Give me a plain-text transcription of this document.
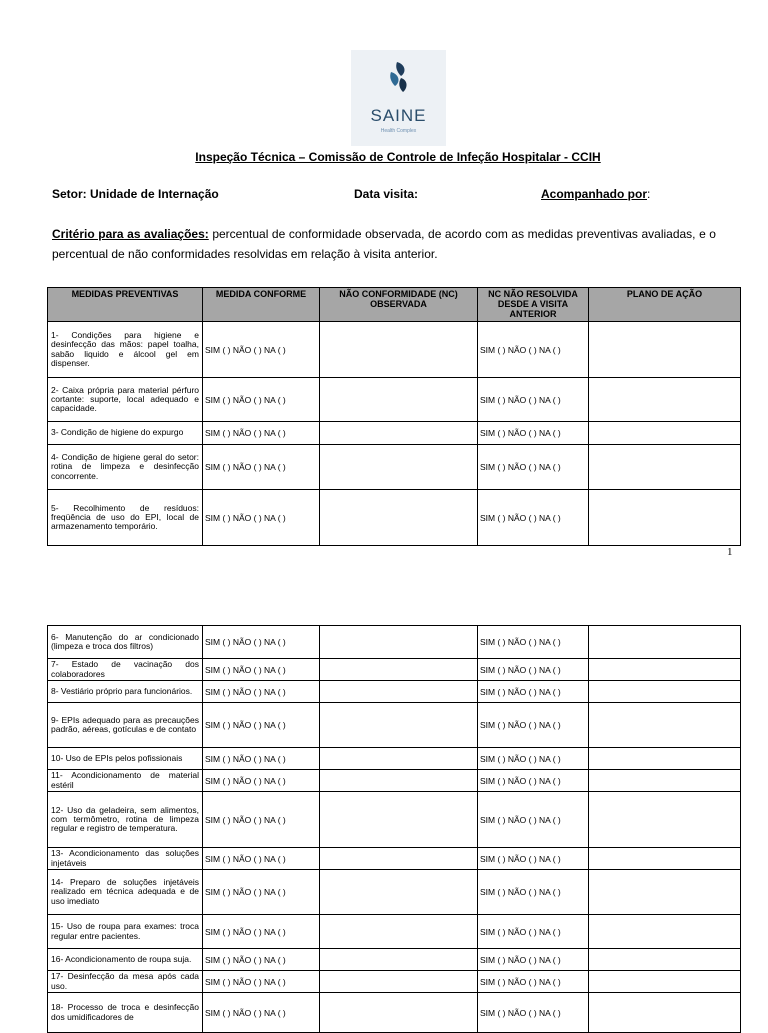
SAINE
Health Complex
Inspeção Técnica – Comissão de Controle de Infeção Hospitalar - CCIH
Setor: Unidade de Internação	Data visita:	Acompanhado por:
Critério para as avaliações: percentual de conformidade observada, de acordo com as medidas preventivas avaliadas, e o percentual de não conformidades resolvidas em relação à visita anterior.
MEDIDAS PREVENTIVAS	MEDIDA CONFORME	NÃO CONFORMIDADE (NC) OBSERVADA	NC NÃO RESOLVIDA DESDE A VISITA ANTERIOR	PLANO DE AÇÃO
1- Condições para higiene e desinfecção das mãos: papel toalha, sabão liquido e álcool gel em dispenser.	SIM ( ) NÃO ( ) NA ( )		SIM ( ) NÃO ( ) NA ( )	
2- Caixa própria para material pérfuro cortante: suporte, local adequado e capacidade.	SIM ( ) NÃO ( ) NA ( )		SIM ( ) NÃO ( ) NA ( )	
3- Condição de higiene do expurgo	SIM ( ) NÃO ( ) NA ( )		SIM ( ) NÃO ( ) NA ( )	
4- Condição de higiene geral do setor: rotina de limpeza e desinfecção concorrente.	SIM ( ) NÃO ( ) NA ( )		SIM ( ) NÃO ( ) NA ( )	
5- Recolhimento de resíduos: freqüência de uso do EPI, local de armazenamento temporário.	SIM ( ) NÃO ( ) NA ( )		SIM ( ) NÃO ( ) NA ( )	
1
6- Manutenção do ar condicionado (limpeza e troca dos filtros)	SIM ( ) NÃO ( ) NA ( )		SIM ( ) NÃO ( ) NA ( )	
7- Estado de vacinação dos colaboradores	SIM ( ) NÃO ( ) NA ( )		SIM ( ) NÃO ( ) NA ( )	
8- Vestiário próprio para funcionários.	SIM ( ) NÃO ( ) NA ( )		SIM ( ) NÃO ( ) NA ( )	
9- EPIs adequado para as precauções padrão, aéreas, gotículas e de contato	SIM ( ) NÃO ( ) NA ( )		SIM ( ) NÃO ( ) NA ( )	
10- Uso de EPIs pelos pofissionais	SIM ( ) NÃO ( ) NA ( )		SIM ( ) NÃO ( ) NA ( )	
11- Acondicionamento de material estéril	SIM ( ) NÃO ( ) NA ( )		SIM ( ) NÃO ( ) NA ( )	
12- Uso da geladeira, sem alimentos, com termômetro, rotina de limpeza regular e registro de temperatura.	SIM ( ) NÃO ( ) NA ( )		SIM ( ) NÃO ( ) NA ( )	
13- Acondicionamento das soluções injetáveis	SIM ( ) NÃO ( ) NA ( )		SIM ( ) NÃO ( ) NA ( )	
14- Preparo de soluções injetáveis realizado em técnica adequada e de uso imediato	SIM ( ) NÃO ( ) NA ( )		SIM ( ) NÃO ( ) NA ( )	
15- Uso de roupa para exames: troca regular entre pacientes.	SIM ( ) NÃO ( ) NA ( )		SIM ( ) NÃO ( ) NA ( )	
16- Acondicionamento de roupa suja.	SIM ( ) NÃO ( ) NA ( )		SIM ( ) NÃO ( ) NA ( )	
17- Desinfecção da mesa após cada uso.	SIM ( ) NÃO ( ) NA ( )		SIM ( ) NÃO ( ) NA ( )	
18- Processo de troca e desinfecção dos umidificadores de	SIM ( ) NÃO ( ) NA ( )		SIM ( ) NÃO ( ) NA ( )	
